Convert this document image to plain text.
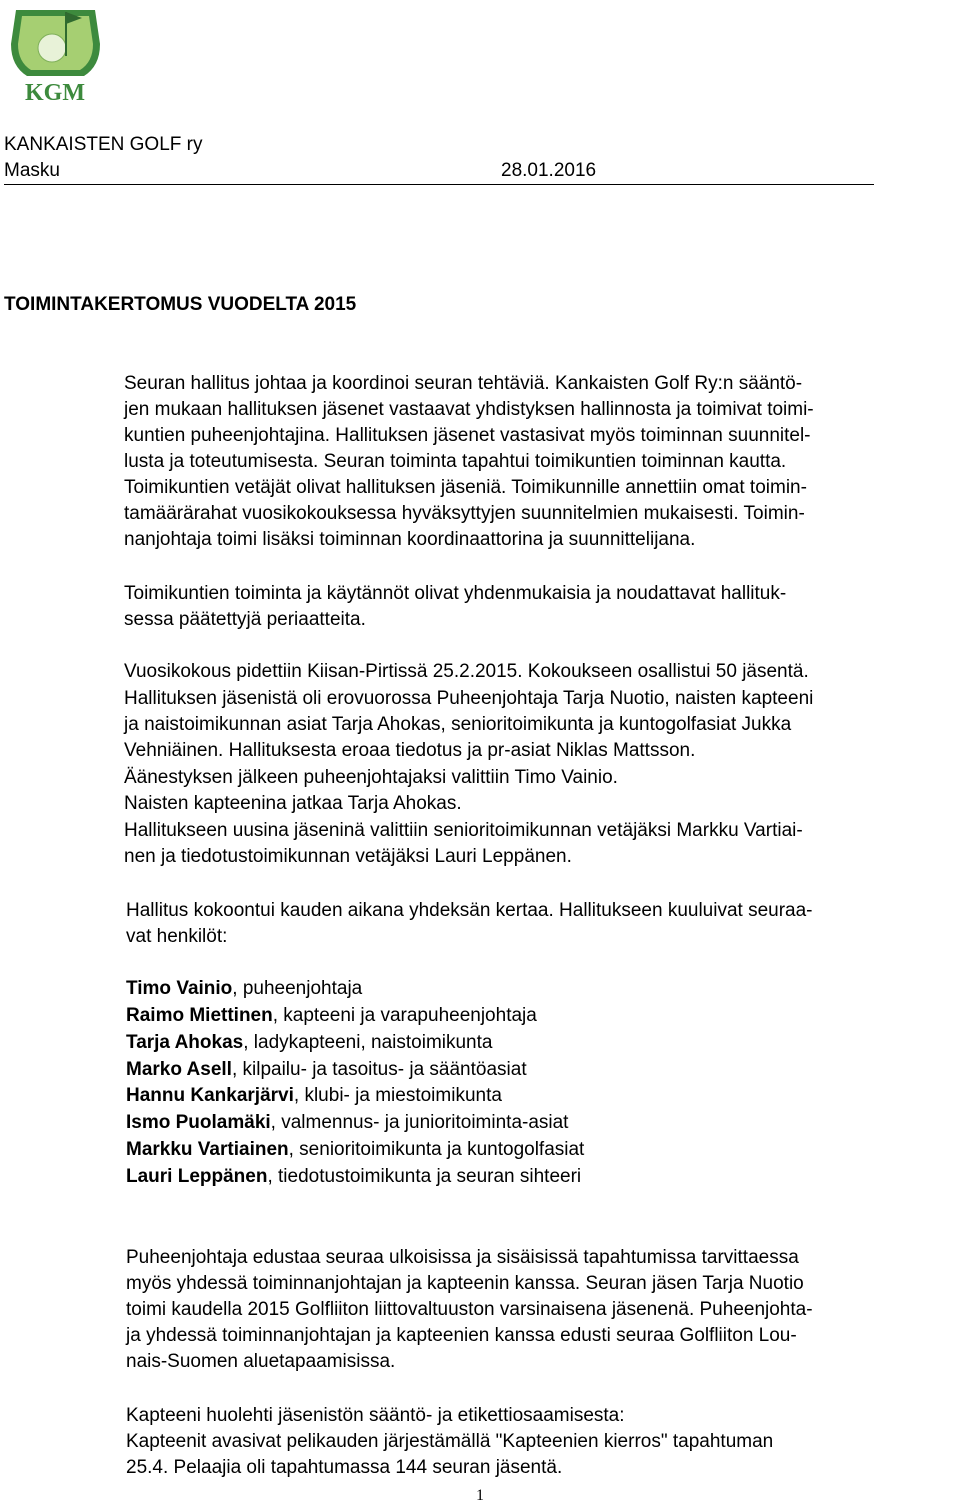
KGM
KANKAISTEN GOLF ry
Masku	28.01.2016
TOIMINTAKERTOMUS VUODELTA 2015
Seuran hallitus johtaa ja koordinoi seuran tehtäviä. Kankaisten Golf Ry:n sääntö-
jen mukaan hallituksen jäsenet vastaavat yhdistyksen hallinnosta ja toimivat toimi-
kuntien puheenjohtajina. Hallituksen jäsenet vastasivat myös toiminnan suunnitel-
lusta ja toteutumisesta. Seuran toiminta tapahtui toimikuntien toiminnan kautta.
Toimikuntien vetäjät olivat hallituksen jäseniä. Toimikunnille annettiin omat toimin-
tamäärärahat vuosikokouksessa hyväksyttyjen suunnitelmien mukaisesti. Toimin-
nanjohtaja toimi lisäksi toiminnan koordinaattorina ja suunnittelijana.
Toimikuntien toiminta ja käytännöt olivat yhdenmukaisia ja noudattavat hallituk-
sessa päätettyjä periaatteita.
Vuosikokous pidettiin Kiisan-Pirtissä 25.2.2015. Kokoukseen osallistui 50 jäsentä.
Hallituksen jäsenistä oli erovuorossa Puheenjohtaja Tarja Nuotio, naisten kapteeni
ja naistoimikunnan asiat Tarja Ahokas, senioritoimikunta ja kuntogolfasiat Jukka
Vehniäinen. Hallituksesta eroaa tiedotus ja pr-asiat Niklas Mattsson.
Äänestyksen jälkeen puheenjohtajaksi valittiin Timo Vainio.
Naisten kapteenina jatkaa Tarja Ahokas.
Hallitukseen uusina jäseninä valittiin senioritoimikunnan vetäjäksi Markku Vartiai-
nen ja tiedotustoimikunnan vetäjäksi Lauri Leppänen.
Hallitus kokoontui kauden aikana yhdeksän kertaa. Hallitukseen kuuluivat seuraa-
vat henkilöt:
Timo Vainio, puheenjohtaja
Raimo Miettinen, kapteeni ja varapuheenjohtaja
Tarja Ahokas, ladykapteeni, naistoimikunta
Marko Asell, kilpailu- ja tasoitus- ja sääntöasiat
Hannu Kankarjärvi, klubi- ja miestoimikunta
Ismo Puolamäki, valmennus- ja junioritoiminta-asiat
Markku Vartiainen, senioritoimikunta ja kuntogolfasiat
Lauri Leppänen, tiedotustoimikunta ja seuran sihteeri
Puheenjohtaja edustaa seuraa ulkoisissa ja sisäisissä tapahtumissa tarvittaessa
myös yhdessä toiminnanjohtajan ja kapteenin kanssa. Seuran jäsen Tarja Nuotio
toimi kaudella 2015 Golfliiton liittovaltuuston varsinaisena jäsenenä. Puheenjohta-
ja yhdessä toiminnanjohtajan ja kapteenien kanssa edusti seuraa Golfliiton Lou-
nais-Suomen aluetapaamisissa.
Kapteeni huolehti jäsenistön sääntö- ja etikettiosaamisesta:
Kapteenit avasivat pelikauden järjestämällä "Kapteenien kierros" tapahtuman
25.4. Pelaajia oli tapahtumassa 144 seuran jäsentä.
1
